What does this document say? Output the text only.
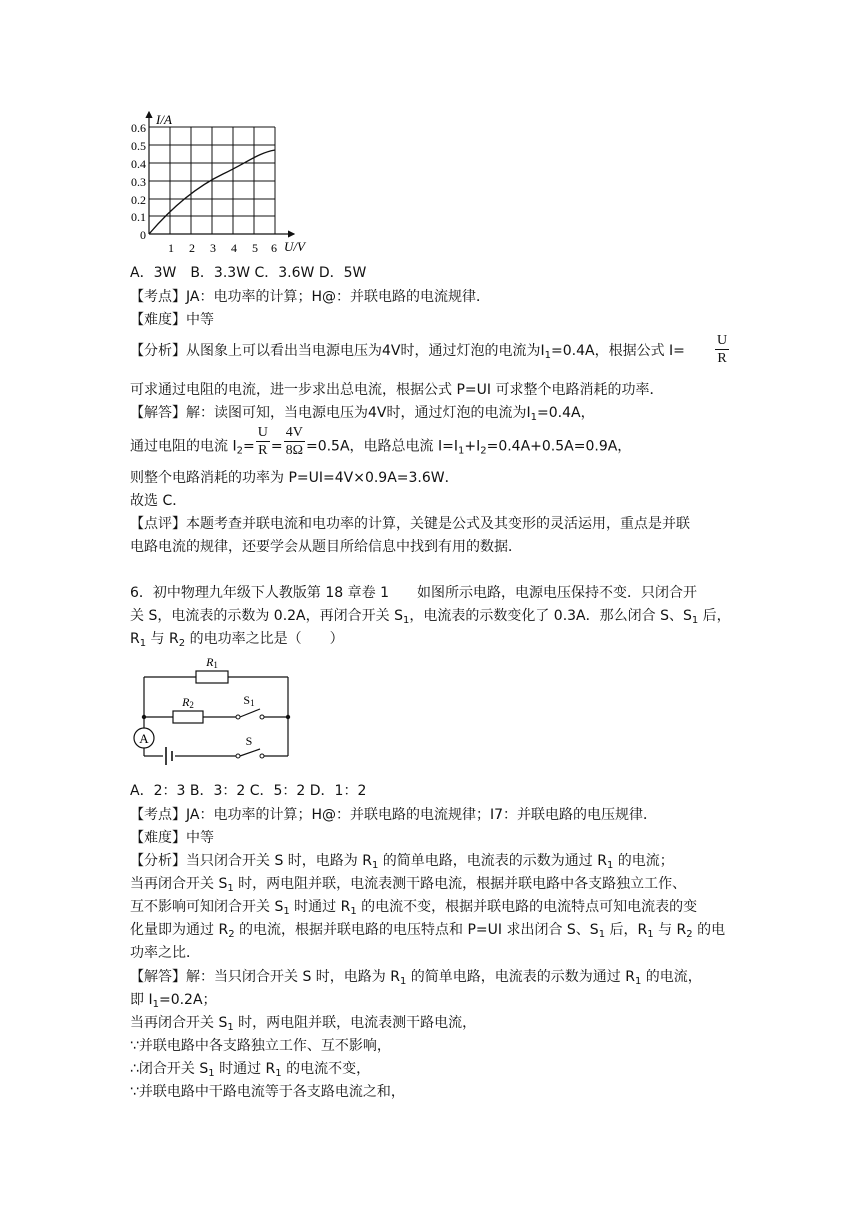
I/A
U/V
0.6
0.5
0.4
0.3
0.2
0.1
0
1 2 3 4 5 6
A．3W　B．3.3W C．3.6W D．5W
【考点】JA：电功率的计算；H@：并联电路的电流规律．
【难度】中等
【分析】从图象上可以看出当电源电压为4V时，通过灯泡的电流为$I_1=0.4A$，根据公式 $I= \frac{U}{R}$
可求通过电阻的电流，进一步求出总电流，根据公式 P=UI 可求整个电路消耗的功率．
【解答】解：读图可知，当电源电压为4V时，通过灯泡的电流为$I_1=0.4A$，
通过电阻的电流 $I_2= \frac{U}{R} = \frac{4V}{8\Omega} =0.5A$，电路总电流 $I=I_1+I_2=0.4A+0.5A=0.9A$，
则整个电路消耗的功率为 P=UI=4V×0.9A=3.6W．
故选 C．
【点评】本题考查并联电流和电功率的计算，关键是公式及其变形的灵活运用，重点是并联
电路电流的规律，还要学会从题目所给信息中找到有用的数据．
6．初中物理九年级下人教版第 18 章卷 1　　如图所示电路，电源电压保持不变．只闭合开
关 S，电流表的示数为 0.2A，再闭合开关 $S_1$，电流表的示数变化了 0.3A．那么闭合 S、$S_1$ 后，
$R_1$ 与 $R_2$ 的电功率之比是（　　）
A
R1
R2	S1
S
A．2：3 B．3：2 C．5：2 D．1：2
【考点】JA：电功率的计算；H@：并联电路的电流规律；I7：并联电路的电压规律．
【难度】中等
【分析】当只闭合开关 S 时，电路为 $R_1$ 的简单电路，电流表的示数为通过 $R_1$ 的电流；
当再闭合开关 $S_1$ 时，两电阻并联，电流表测干路电流，根据并联电路中各支路独立工作、
互不影响可知闭合开关 $S_1$ 时通过 $R_1$ 的电流不变，根据并联电路的电流特点可知电流表的变
化量即为通过 $R_2$ 的电流，根据并联电路的电压特点和 P=UI 求出闭合 S、$S_1$ 后，$R_1$ 与 $R_2$ 的电
功率之比．
【解答】解：当只闭合开关 S 时，电路为 $R_1$ 的简单电路，电流表的示数为通过 $R_1$ 的电流，
即 $I_1=0.2A$；
当再闭合开关 $S_1$ 时，两电阻并联，电流表测干路电流，
∵并联电路中各支路独立工作、互不影响，
∴闭合开关 $S_1$ 时通过 $R_1$ 的电流不变，
∵并联电路中干路电流等于各支路电流之和，
